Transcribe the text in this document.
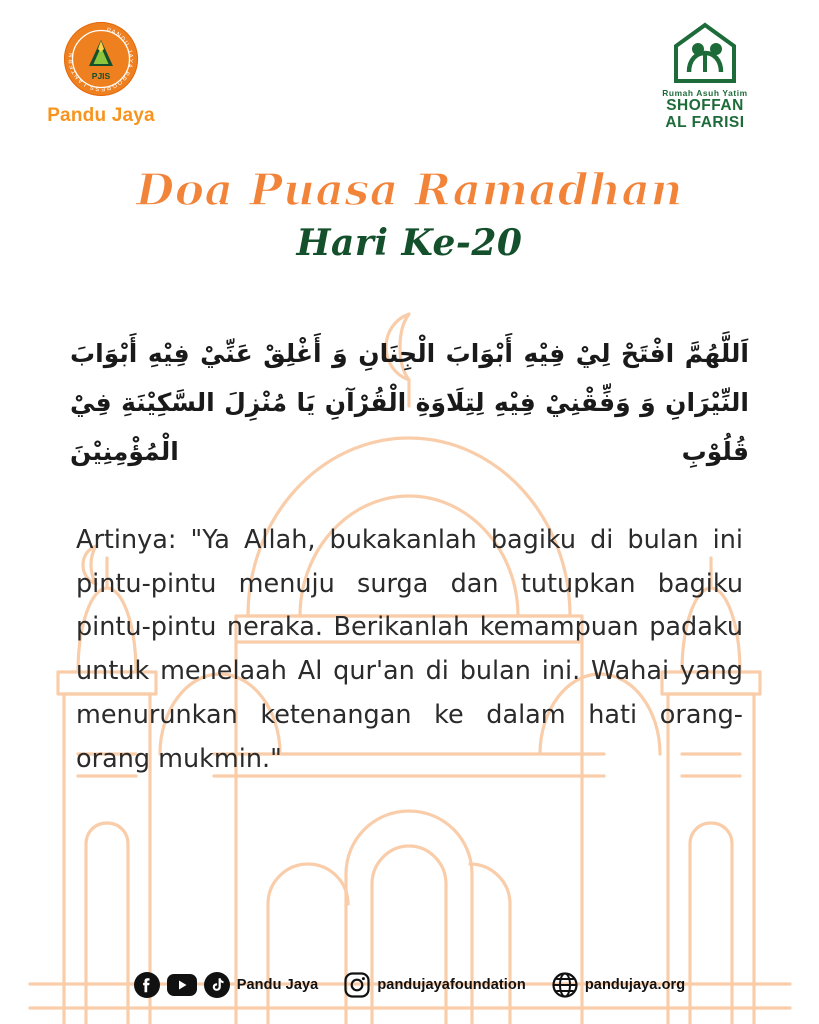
PANDU JAYA PROGRESS LANTERN
PJIS
Pandu Jaya
Rumah Asuh Yatim
SHOFFAN
AL FARISI
Doa Puasa Ramadhan
Hari Ke-20
اَللَّهُمَّ افْتَحْ لِيْ فِيْهِ أَبْوَابَ الْجِنَانِ وَ أَغْلِقْ عَنِّيْ فِيْهِ أَبْوَابَ النِّيْرَانِ وَ وَفِّقْنِيْ فِيْهِ لِتِلَاوَةِ الْقُرْآنِ يَا مُنْزِلَ السَّكِيْنَةِ فِيْ قُلُوْبِ الْمُؤْمِنِيْنَ
Artinya: "Ya Allah, bukakanlah bagiku di bulan ini pintu-pintu menuju surga dan tutupkan bagiku pintu-pintu neraka. Berikanlah kemampuan padaku untuk menelaah Al qur'an di bulan ini. Wahai yang menurunkan ketenangan ke dalam hati orang-orang mukmin."
Pandu Jaya	pandujayafoundation	pandujaya.org
